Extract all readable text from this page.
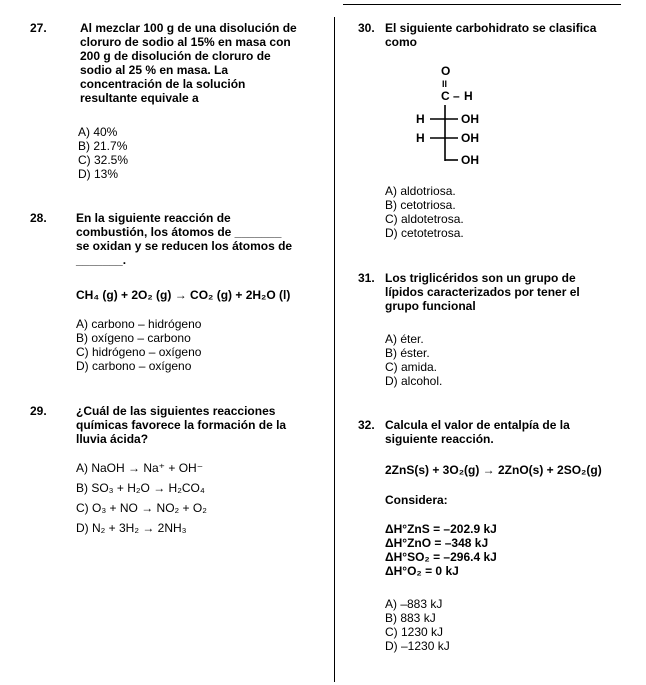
27.	Al mezclar 100 g de una disolución de
cloruro de sodio al 15% en masa con
200 g de disolución de cloruro de
sodio al 25 % en masa. La
concentración de la solución
resultante equivale a
A) 40%
B) 21.7%
C) 32.5%
D) 13%
28. En la siguiente reacción de
combustión, los átomos de _______
se oxidan y se reducen los átomos de
_______.
CH₄ (g) + 2O₂ (g) → CO₂ (g) + 2H₂O (l)
A) carbono – hidrógeno
B) oxígeno – carbono
C) hidrógeno – oxígeno
D) carbono – oxígeno
29. ¿Cuál de las siguientes reacciones
químicas favorece la formación de la
lluvia ácida?
A) NaOH → Na⁺ + OH⁻
B) SO₃ + H₂O → H₂CO₄
C) O₃ + NO → NO₂ + O₂
D) N₂ + 3H₂ → 2NH₃
30. El siguiente carbohidrato se clasifica
como
O
II
C – H
H
H
OH
OH
OH
A) aldotriosa.
B) cetotriosa.
C) aldotetrosa.
D) cetotetrosa.
31. Los triglicéridos son un grupo de
lípidos caracterizados por tener el
grupo funcional
A) éter.
B) éster.
C) amida.
D) alcohol.
32. Calcula el valor de entalpía de la
siguiente reacción.
2ZnS(s) + 3O₂(g) → 2ZnO(s) + 2SO₂(g)
Considera:
ΔH°ZnS = –202.9 kJ
ΔH°ZnO = –348 kJ
ΔH°SO₂ = –296.4 kJ
ΔH°O₂ = 0 kJ
A) –883 kJ
B) 883 kJ
C) 1230 kJ
D) –1230 kJ
